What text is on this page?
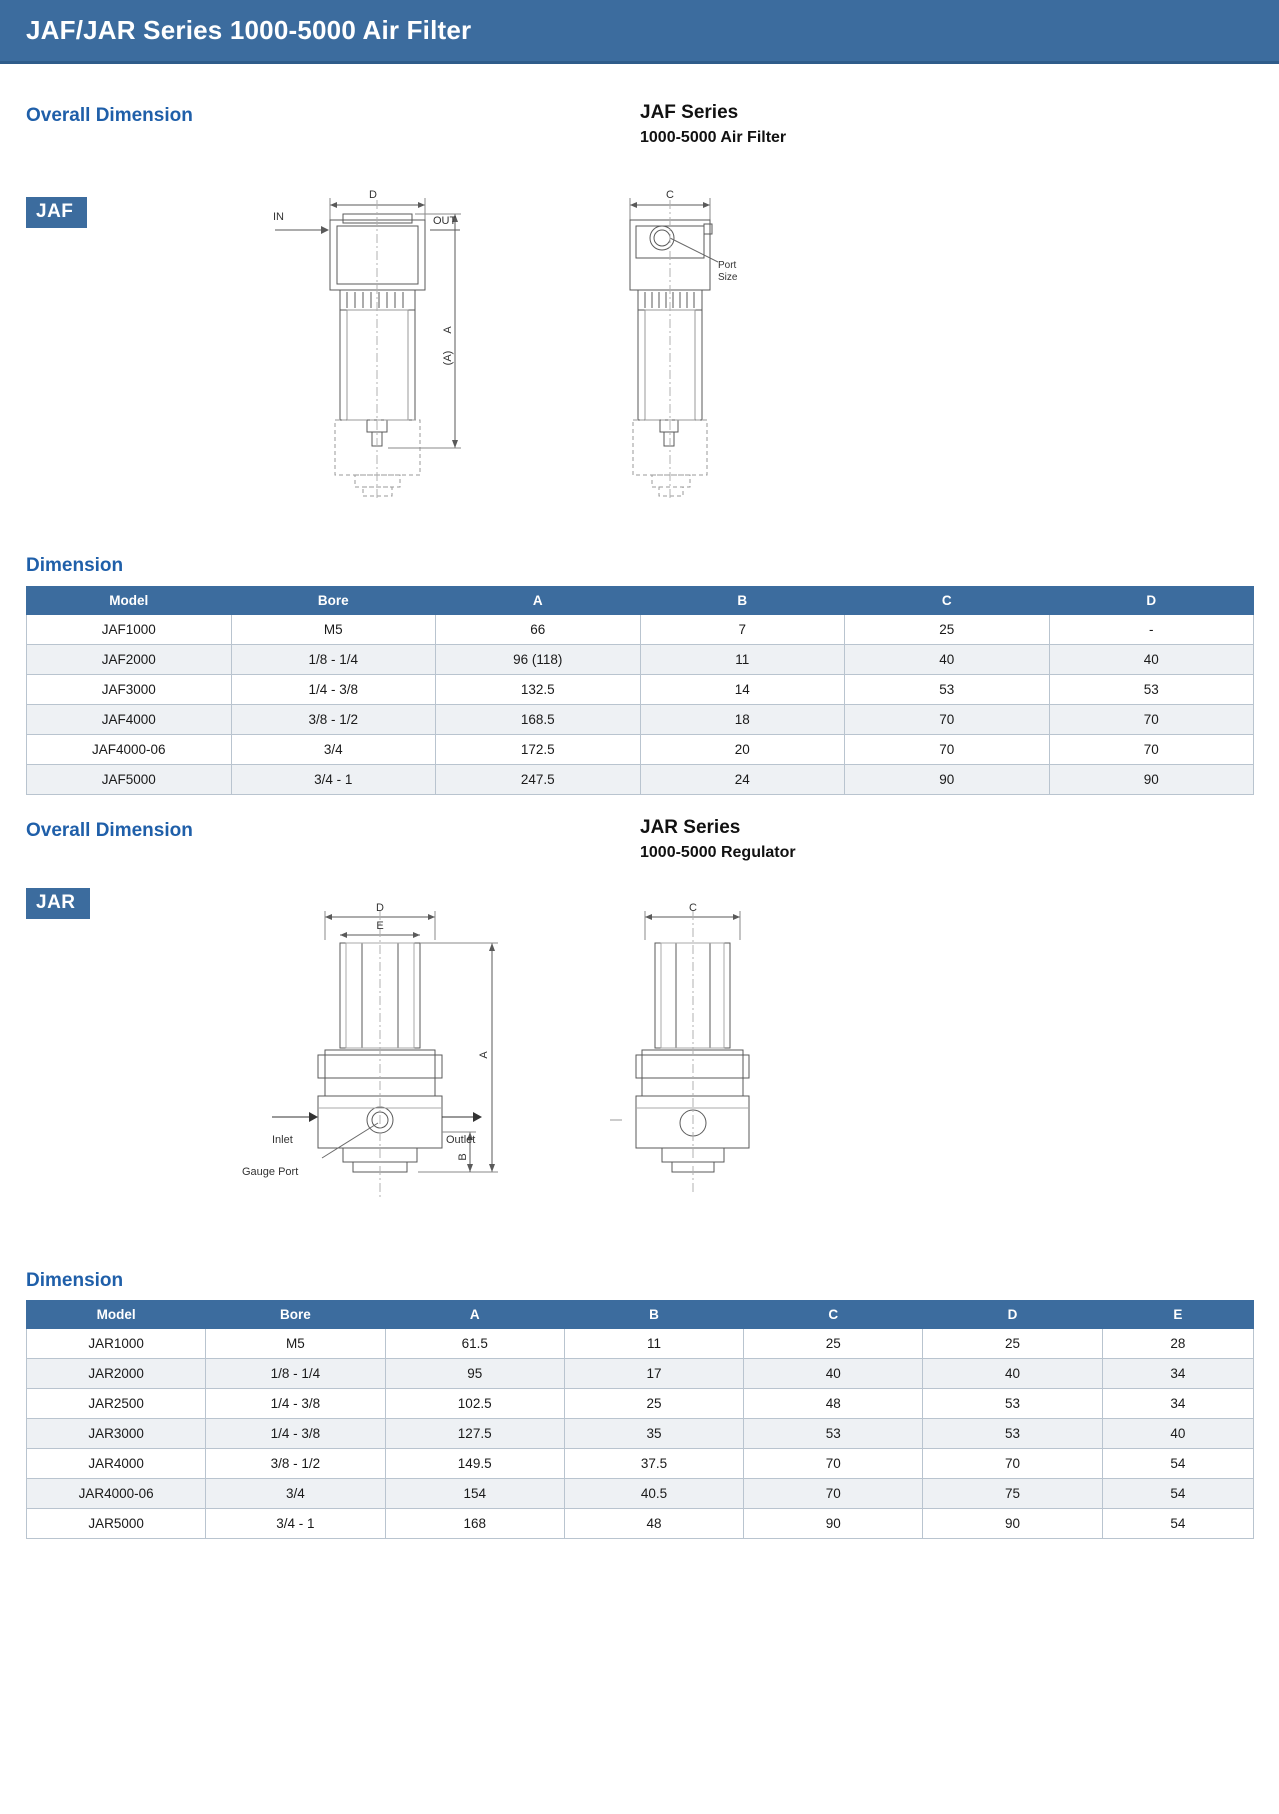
JAF/JAR Series 1000-5000 Air Filter
Overall Dimension	JAF Series
1000-5000 Air Filter
JAF
D
IN	OUT
A
(A)
C
Port
Size
Dimension
Model	Bore	A	B	C	D
JAF1000	M5	66	7	25	-
JAF2000	1/8 - 1/4	96 (118)	11	40	40
JAF3000	1/4 - 3/8	132.5	14	53	53
JAF4000	3/8 - 1/2	168.5	18	70	70
JAF4000-06	3/4	172.5	20	70	70
JAF5000	3/4 - 1	247.5	24	90	90
Overall Dimension	JAR Series
1000-5000 Regulator
JAR	D
E
A
B
Inlet	Outlet
Gauge Port
C
Dimension
Model	Bore	A	B	C	D	E
JAR1000	M5	61.5	11	25	25	28
JAR2000	1/8 - 1/4	95	17	40	40	34
JAR2500	1/4 - 3/8	102.5	25	48	53	34
JAR3000	1/4 - 3/8	127.5	35	53	53	40
JAR4000	3/8 - 1/2	149.5	37.5	70	70	54
JAR4000-06	3/4	154	40.5	70	75	54
JAR5000	3/4 - 1	168	48	90	90	54
